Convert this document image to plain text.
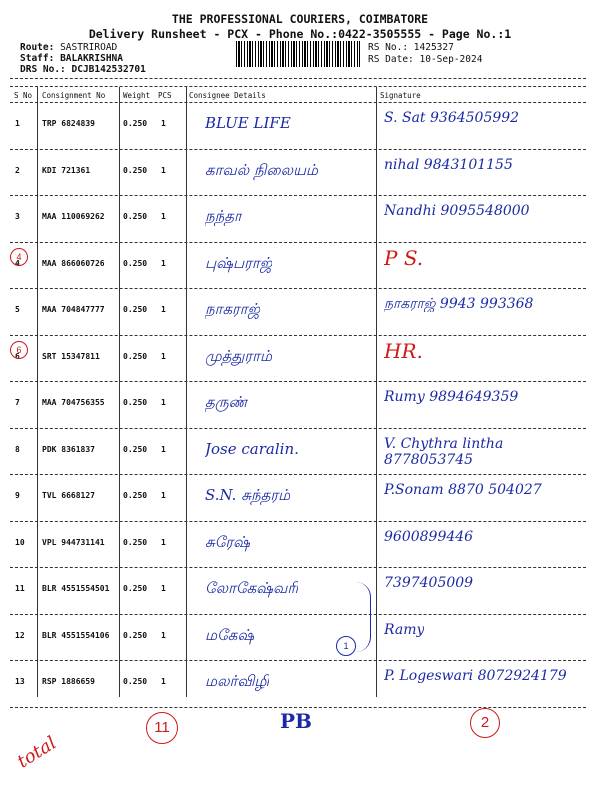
THE PROFESSIONAL COURIERS, COIMBATORE
Delivery Runsheet - PCX - Phone No.:0422-3505555 - Page No.:1
Route: SASTRIROAD
Staff: BALAKRISHNA
DRS No.: DCJB142532701
RS No.: 1425327
RS Date: 10-Sep-2024
S No Consignment No Weight PCS Consignee Details	Signature
1	TRP 6824839	0.250 1	BLUE LIFE	S. Sat 9364505992
2	KDI 721361	0.250 1	காவல் நிலையம்	nihal 9843101155
3	MAA 110069262 0.250 1	நந்தா	Nandhi 9095548000
4	MAA 866060726 0.250 1	புஷ்பராஜ்	P S.
5	MAA 704847777 0.250 1	நாகராஜ்	நாகராஜ் 9943 993368
6	SRT 15347811	0.250 1	முத்துராம்	HR.
7	MAA 704756355 0.250 1	தருண்	Rumy 9894649359
8	PDK 8361837	0.250 1	Jose caralin.	V. Chythra lintha 8778053745
9	TVL 6668127	0.250 1	S.N. சுந்தரம்	P.Sonam 8870 504027
10 VPL 944731141 0.250 1	சுரேஷ்	9600899446
11 BLR 4551554501 0.250 1	லோகேஷ்வரி	7397405009
12 BLR 4551554106 0.250 1	மகேஷ்	Ramy
13 RSP 1886659	0.250 1	மலர்விழி	P. Logeswari 8072924179
4
6
1
total
11	PB	2
